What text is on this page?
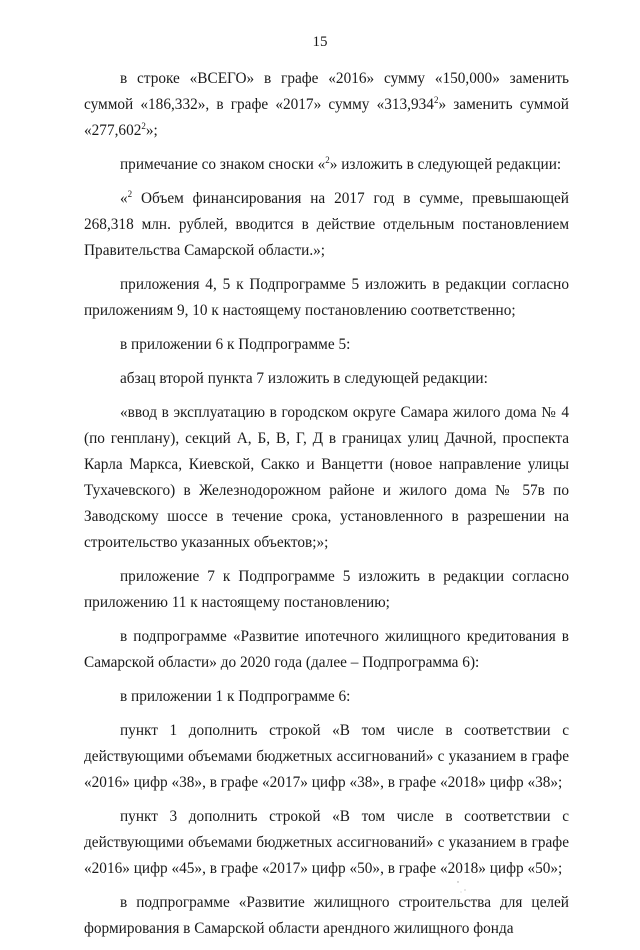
15

в строке «ВСЕГО» в графе «2016» сумму «150,000» заменить суммой «186,332», в графе «2017» сумму «313,934$^2$» заменить суммой «277,602$^2$»;

примечание со знаком сноски «$^2$» изложить в следующей редакции:

«$^2$ Объем финансирования на 2017 год в сумме, превышающей 268,318 млн. рублей, вводится в действие отдельным постановлением Правительства Самарской области.»;

приложения 4, 5 к Подпрограмме 5 изложить в редакции согласно приложениям 9, 10 к настоящему постановлению соответственно;

в приложении 6 к Подпрограмме 5:

абзац второй пункта 7 изложить в следующей редакции:

«ввод в эксплуатацию в городском округе Самара жилого дома № 4 (по генплану), секций А, Б, В, Г, Д в границах улиц Дачной, проспекта Карла Маркса, Киевской, Сакко и Ванцетти (новое направление улицы Тухачевского) в Железнодорожном районе и жилого дома № 57в по Заводскому шоссе в течение срока, установленного в разрешении на строительство указанных объектов;»;

приложение 7 к Подпрограмме 5 изложить в редакции согласно приложению 11 к настоящему постановлению;

в подпрограмме «Развитие ипотечного жилищного кредитования в Самарской области» до 2020 года (далее – Подпрограмма 6):

в приложении 1 к Подпрограмме 6:

пункт 1 дополнить строкой «В том числе в соответствии с действующими объемами бюджетных ассигнований» с указанием в графе «2016» цифр «38», в графе «2017» цифр «38», в графе «2018» цифр «38»;

пункт 3 дополнить строкой «В том числе в соответствии с действующими объемами бюджетных ассигнований» с указанием в графе «2016» цифр «45», в графе «2017» цифр «50», в графе «2018» цифр «50»;

в подпрограмме «Развитие жилищного строительства для целей формирования в Самарской области арендного жилищного фонда
